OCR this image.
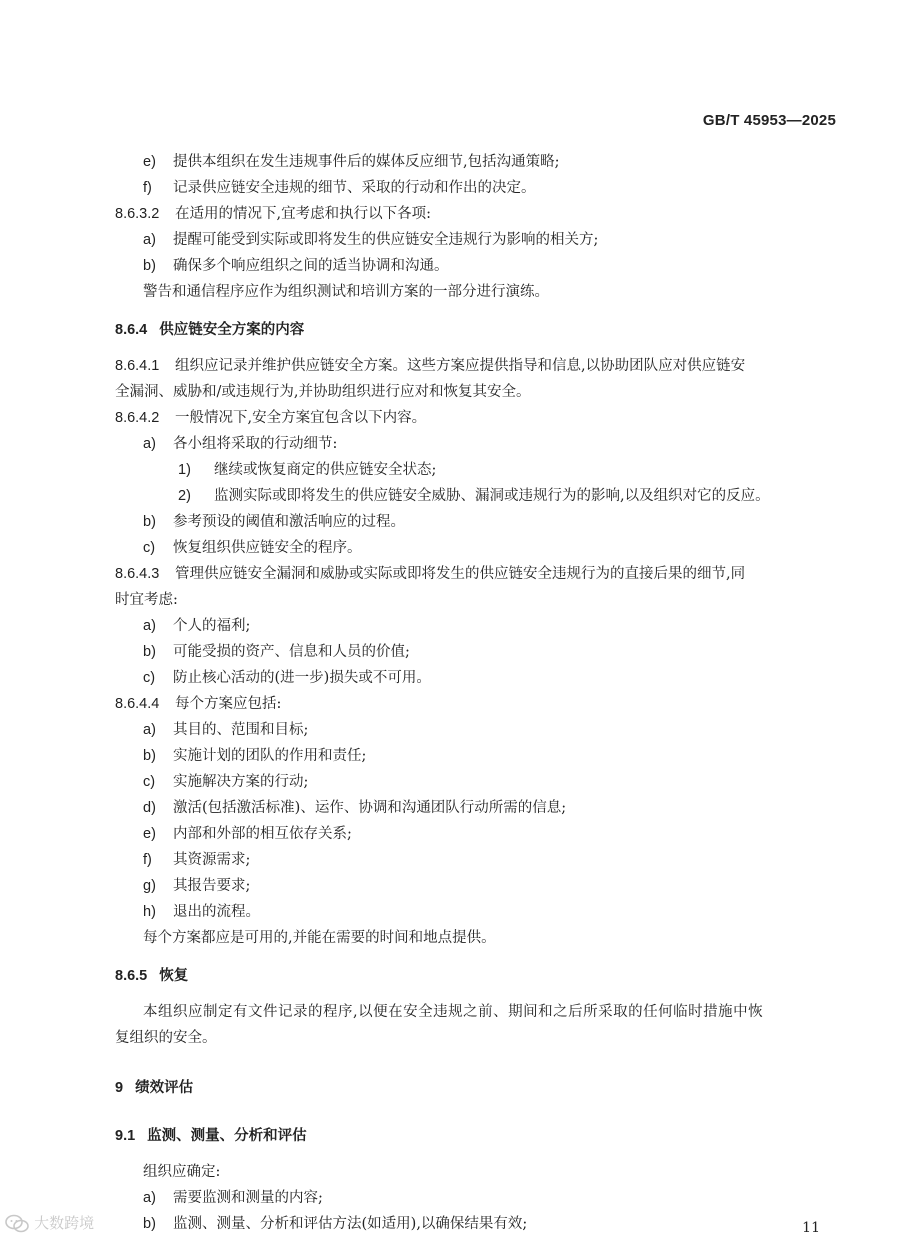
GB/T 45953—2025
e) 提供本组织在发生违规事件后的媒体反应细节,包括沟通策略;
f) 记录供应链安全违规的细节、采取的行动和作出的决定。
8.6.3.2 在适用的情况下,宜考虑和执行以下各项:
a) 提醒可能受到实际或即将发生的供应链安全违规行为影响的相关方;
b) 确保多个响应组织之间的适当协调和沟通。
警告和通信程序应作为组织测试和培训方案的一部分进行演练。
8.6.4 供应链安全方案的内容
8.6.4.1 组织应记录并维护供应链安全方案。这些方案应提供指导和信息,以协助团队应对供应链安
全漏洞、威胁和/或违规行为,并协助组织进行应对和恢复其安全。
8.6.4.2 一般情况下,安全方案宜包含以下内容。
a) 各小组将采取的行动细节:
1) 继续或恢复商定的供应链安全状态;
2) 监测实际或即将发生的供应链安全威胁、漏洞或违规行为的影响,以及组织对它的反应。
b) 参考预设的阈值和激活响应的过程。
c) 恢复组织供应链安全的程序。
8.6.4.3 管理供应链安全漏洞和威胁或实际或即将发生的供应链安全违规行为的直接后果的细节,同
时宜考虑:
a) 个人的福利;
b) 可能受损的资产、信息和人员的价值;
c) 防止核心活动的(进一步)损失或不可用。
8.6.4.4 每个方案应包括:
a) 其目的、范围和目标;
b) 实施计划的团队的作用和责任;
c) 实施解决方案的行动;
d) 激活(包括激活标准)、运作、协调和沟通团队行动所需的信息;
e) 内部和外部的相互依存关系;
f) 其资源需求;
g) 其报告要求;
h) 退出的流程。
每个方案都应是可用的,并能在需要的时间和地点提供。
8.6.5 恢复
本组织应制定有文件记录的程序,以便在安全违规之前、期间和之后所采取的任何临时措施中恢
复组织的安全。
9 绩效评估
9.1 监测、测量、分析和评估
组织应确定:
a) 需要监测和测量的内容;
b) 监测、测量、分析和评估方法(如适用),以确保结果有效;
大数跨境	11
